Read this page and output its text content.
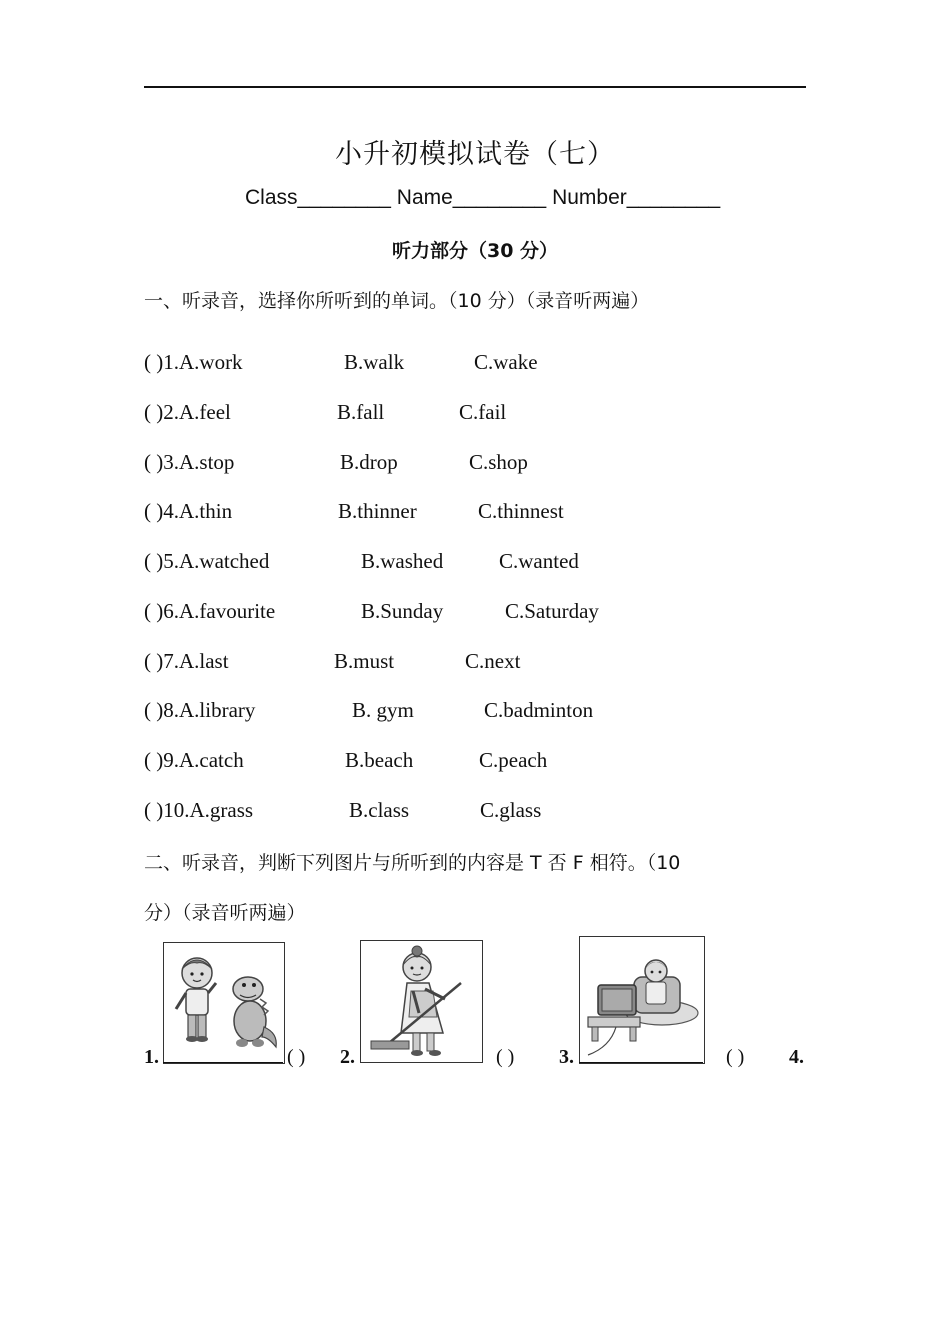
小升初模拟试卷（七）
Class________ Name________ Number________
听力部分（30 分）
一、听录音，选择你所听到的单词。（10 分）（录音听两遍）
( )1.A.work	B.walk	C.wake
( )2.A.feel	B.fall	C.fail
( )3.A.stop	B.drop	C.shop
( )4.A.thin	B.thinner	C.thinnest
( )5.A.watched	B.washed	C.wanted
( )6.A.favourite	B.Sunday	C.Saturday
( )7.A.last	B.must	C.next
( )8.A.library	B. gym	C.badminton
( )9.A.catch	B.beach	C.peach
( )10.A.grass	B.class	C.glass
二、听录音，判断下列图片与所听到的内容是 T 否 F 相符。（10
分）（录音听两遍）
1.	( ) 2.	( ) 3.	( ) 4.
